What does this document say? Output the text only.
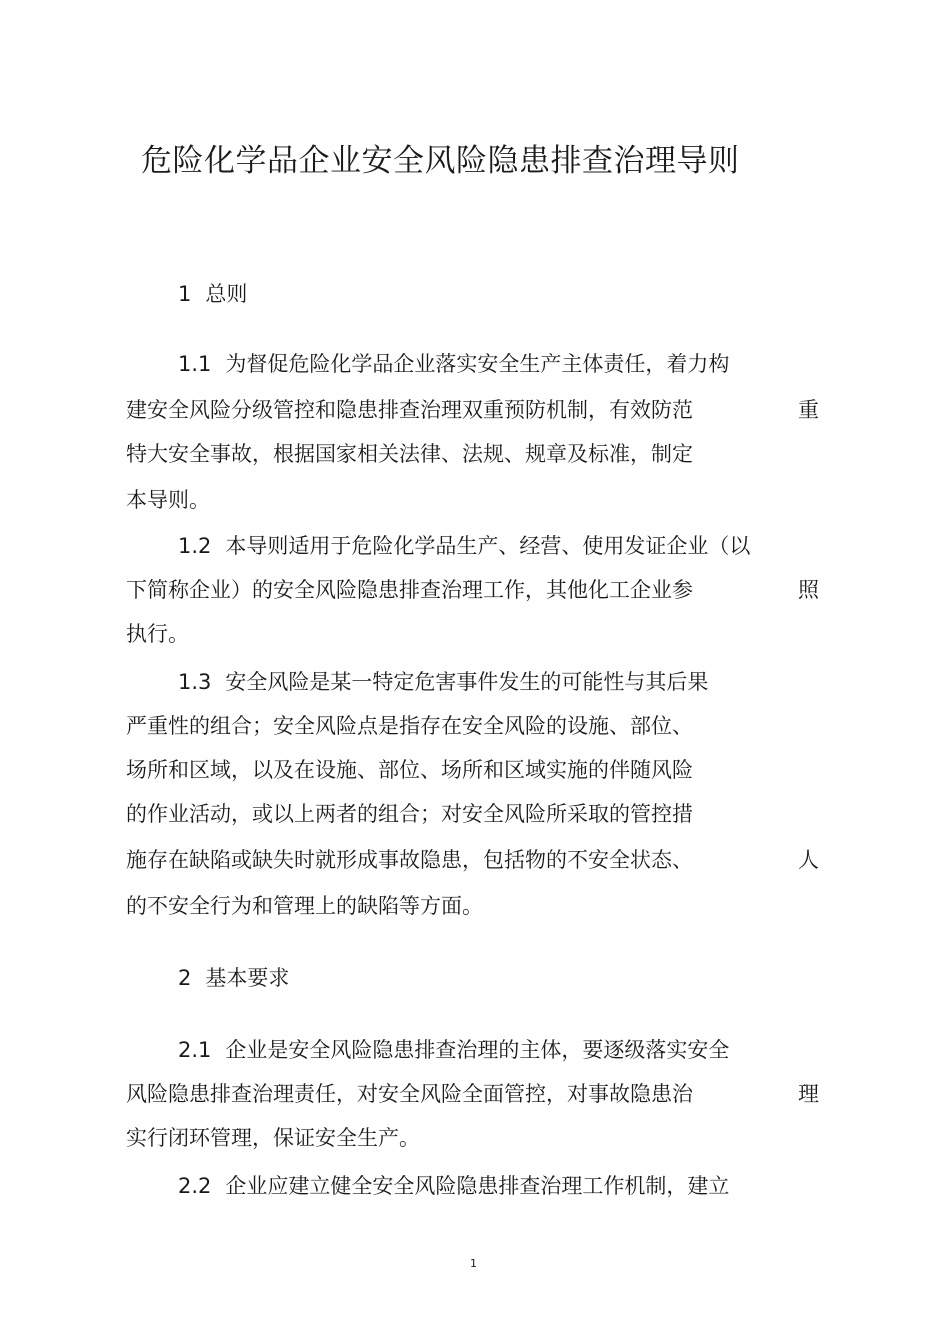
危险化学品企业安全风险隐患排查治理导则
1 总则
1.1 为督促危险化学品企业落实安全生产主体责任，着力构
建安全风险分级管控和隐患排查治理双重预防机制，有效防范	重
特大安全事故，根据国家相关法律、法规、规章及标准，制定
本导则。
1.2 本导则适用于危险化学品生产、经营、使用发证企业（以
下简称企业）的安全风险隐患排查治理工作，其他化工企业参	照
执行。
1.3 安全风险是某一特定危害事件发生的可能性与其后果
严重性的组合；安全风险点是指存在安全风险的设施、部位、
场所和区域，以及在设施、部位、场所和区域实施的伴随风险
的作业活动，或以上两者的组合；对安全风险所采取的管控措
施存在缺陷或缺失时就形成事故隐患，包括物的不安全状态、	人
的不安全行为和管理上的缺陷等方面。
2 基本要求
2.1 企业是安全风险隐患排查治理的主体，要逐级落实安全
风险隐患排查治理责任，对安全风险全面管控，对事故隐患治	理
实行闭环管理，保证安全生产。
2.2 企业应建立健全安全风险隐患排查治理工作机制，建立
1
